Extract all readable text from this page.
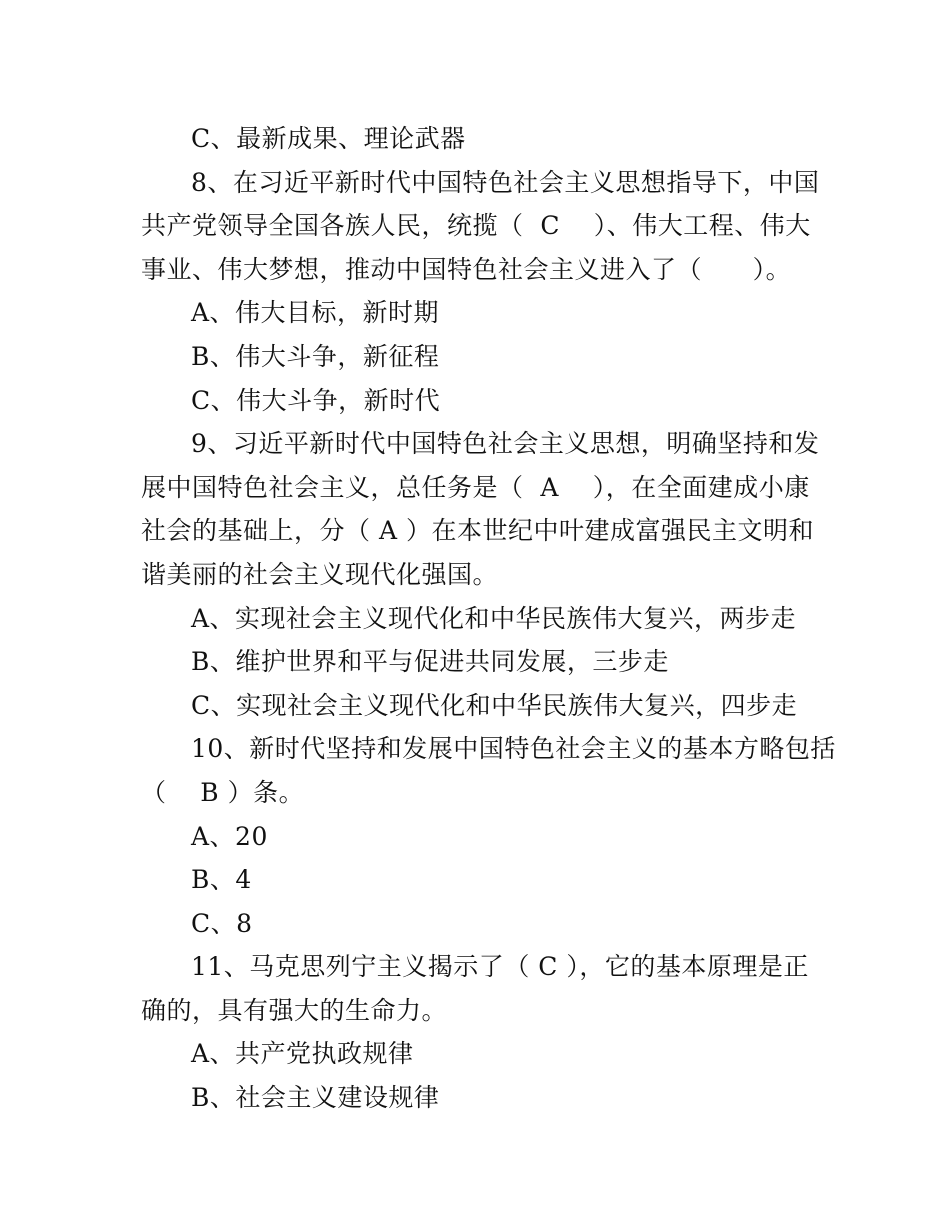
C、最新成果、理论武器
8、在习近平新时代中国特色社会主义思想指导下，中国
共产党领导全国各族人民，统揽（  C    ）、伟大工程、伟大
事业、伟大梦想，推动中国特色社会主义进入了（      ）。
A、伟大目标，新时期
B、伟大斗争，新征程
C、伟大斗争，新时代
9、习近平新时代中国特色社会主义思想，明确坚持和发
展中国特色社会主义，总任务是（  A    ），在全面建成小康
社会的基础上，分（ A ）在本世纪中叶建成富强民主文明和
谐美丽的社会主义现代化强国。
A、实现社会主义现代化和中华民族伟大复兴，两步走
B、维护世界和平与促进共同发展，三步走
C、实现社会主义现代化和中华民族伟大复兴，四步走
10、新时代坚持和发展中国特色社会主义的基本方略包括
（    B ）条。
A、20
B、4
C、8
11、马克思列宁主义揭示了（ C ），它的基本原理是正
确的，具有强大的生命力。
A、共产党执政规律
B、社会主义建设规律
